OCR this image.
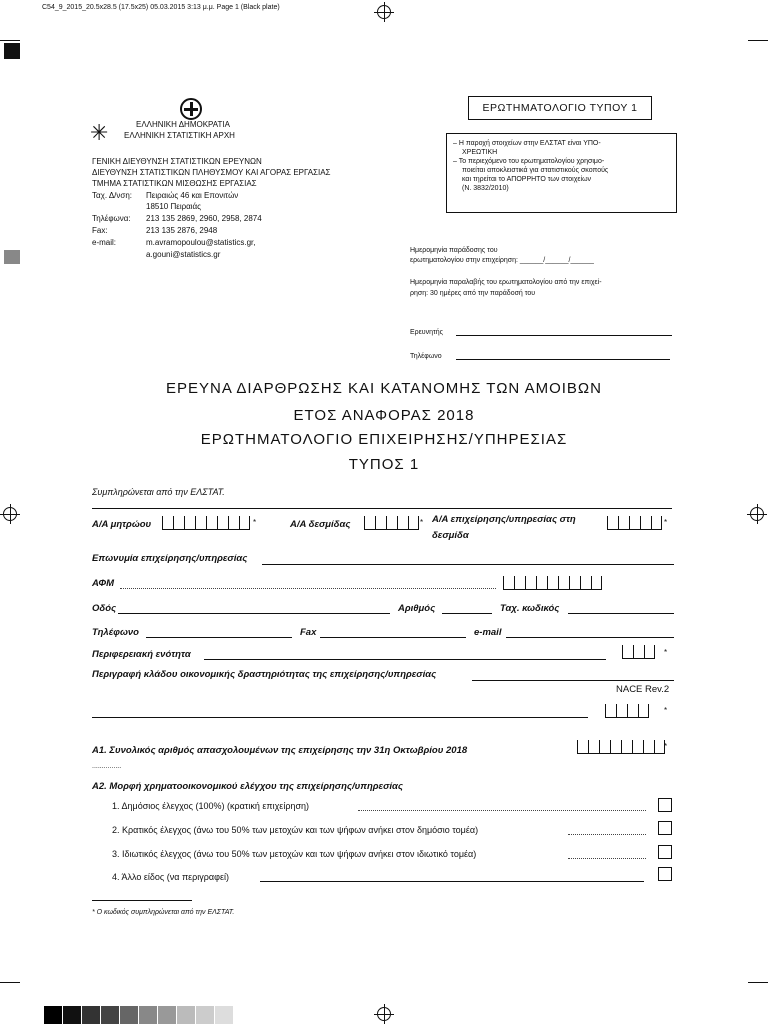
C54_9_2015_20.5x28.5 (17.5x25) 05.03.2015 3:13 μ.μ. Page 1 (Black plate)
✳	ΕΛΛΗΝΙΚΗ ΔΗΜΟΚΡΑΤΙΑ
ΕΛΛΗΝΙΚΗ ΣΤΑΤΙΣΤΙΚΗ ΑΡΧΗ
ΓΕΝΙΚΗ ΔΙΕΥΘΥΝΣΗ ΣΤΑΤΙΣΤΙΚΩΝ ΕΡΕΥΝΩΝ
ΔΙΕΥΘΥΝΣΗ ΣΤΑΤΙΣΤΙΚΩΝ ΠΛΗΘΥΣΜΟΥ ΚΑΙ ΑΓΟΡΑΣ ΕΡΓΑΣΙΑΣ
ΤΜΗΜΑ ΣΤΑΤΙΣΤΙΚΩΝ ΜΙΣΘΩΣΗΣ ΕΡΓΑΣΙΑΣ
Ταχ. Δ/νση: Πειραιώς 46 και Επονιτών
18510 Πειραιάς
Τηλέφωνα: 213 135 2869, 2960, 2958, 2874
Fax:	213 135 2876, 2948
e-mail:	m.avramopoulou@statistics.gr,
a.gouni@statistics.gr
ΕΡΩΤΗΜΑΤΟΛΟΓΙΟ ΤΥΠΟΥ 1
– Η παροχή στοιχείων στην ΕΛΣΤΑΤ είναι ΥΠΟ-
ΧΡΕΩΤΙΚΗ
– Το περιεχόμενο του ερωτηματολογίου χρησιμο-
ποιείται αποκλειστικά για στατιστικούς σκοπούς
και τηρείται το ΑΠΟΡΡΗΤΟ των στοιχείων
(Ν. 3832/2010)
Ημερομηνία παράδοσης του
ερωτηματολογίου στην επιχείρηση: ______/______/______
Ημερομηνία παραλαβής του ερωτηματολογίου από την επιχεί-
ρηση: 30 ημέρες από την παράδοσή του
Ερευνητής
Τηλέφωνο
ΕΡΕΥΝΑ ΔΙΑΡΘΡΩΣΗΣ ΚΑΙ ΚΑΤΑΝΟΜΗΣ ΤΩΝ ΑΜΟΙΒΩΝ
ΕΤΟΣ ΑΝΑΦΟΡΑΣ 2018
ΕΡΩΤΗΜΑΤΟΛΟΓΙΟ ΕΠΙΧΕΙΡΗΣΗΣ/ΥΠΗΡΕΣΙΑΣ
ΤΥΠΟΣ 1
Συμπληρώνεται από την ΕΛΣΤΑΤ.
Α/Α μητρώου	*	Α/Α δεσμίδας	* Α/Α επιχείρησης/υπηρεσίας στη
δεσμίδα
*
Επωνυμία επιχείρησης/υπηρεσίας
ΑΦΜ
Οδός	Αριθμός	Ταχ. κωδικός
Τηλέφωνο	Fax	e-mail
Περιφερειακή ενότητα	*
Περιγραφή κλάδου οικονομικής δραστηριότητας της επιχείρησης/υπηρεσίας
NACE Rev.2
*
Α1. Συνολικός αριθμός απασχολουμένων της επιχείρησης την 31η Οκτωβρίου 2018
...............
*
Α2. Μορφή χρηματοοικονομικού ελέγχου της επιχείρησης/υπηρεσίας
1. Δημόσιος έλεγχος (100%) (κρατική επιχείρηση)
2. Κρατικός έλεγχος (άνω του 50% των μετοχών και των ψήφων ανήκει στον δημόσιο τομέα)
3. Ιδιωτικός έλεγχος (άνω του 50% των μετοχών και των ψήφων ανήκει στον ιδιωτικό τομέα)
4. Άλλο είδος (να περιγραφεί)
* Ο κωδικός συμπληρώνεται από την ΕΛΣΤΑΤ.
